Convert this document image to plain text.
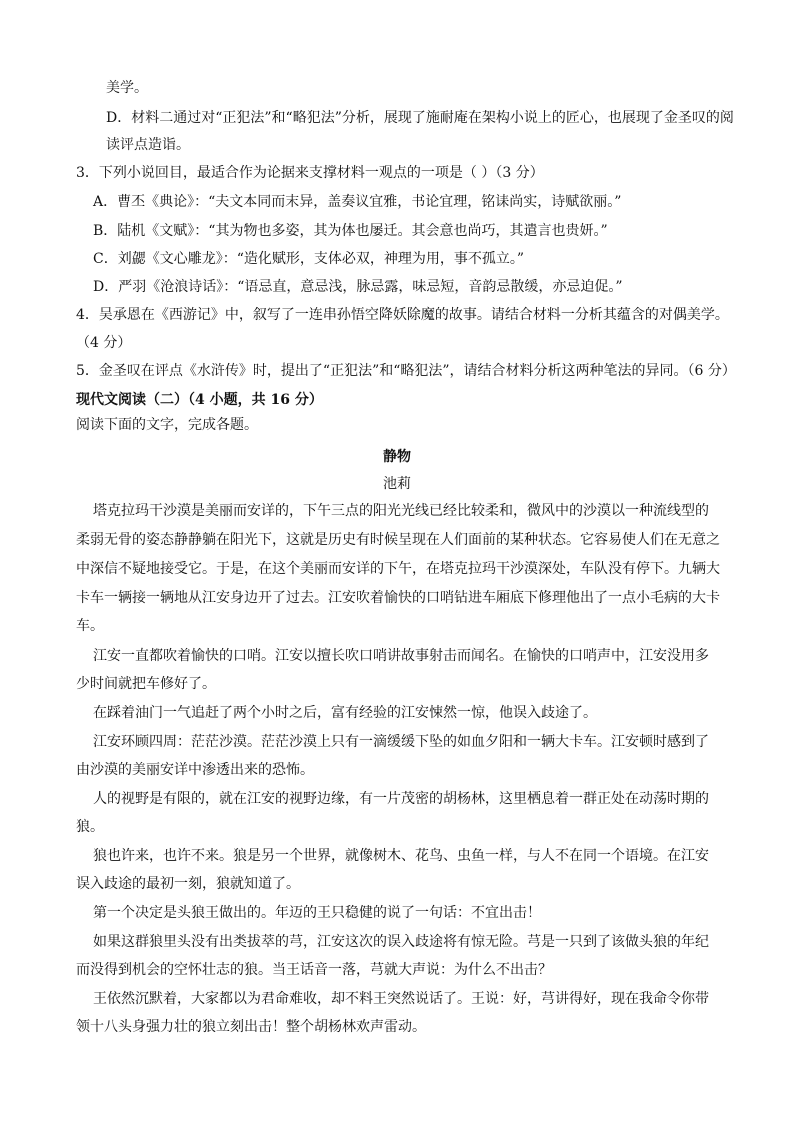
美学。
D．材料二通过对“正犯法”和“略犯法”分析，展现了施耐庵在架构小说上的匠心，也展现了金圣叹的阅
读评点造诣。
3．下列小说回目，最适合作为论据来支撑材料一观点的一项是（ ）（3 分）
A．曹丕《典论》：“夫文本同而末异，盖奏议宜雅，书论宜理，铭诔尚实，诗赋欲丽。”
B．陆机《文赋》：“其为物也多姿，其为体也屡迁。其会意也尚巧，其遣言也贵妍。”
C．刘勰《文心雕龙》：“造化赋形，支体必双，神理为用，事不孤立。”
D．严羽《沧浪诗话》：“语忌直，意忌浅，脉忌露，味忌短，音韵忌散缓，亦忌迫促。”
4．吴承恩在《西游记》中，叙写了一连串孙悟空降妖除魔的故事。请结合材料一分析其蕴含的对偶美学。
（4 分）
5．金圣叹在评点《水浒传》时，提出了“正犯法”和“略犯法”，请结合材料分析这两种笔法的异同。（6 分）
现代文阅读（二）（4 小题，共 16 分）
阅读下面的文字，完成各题。
静物
池莉
塔克拉玛干沙漠是美丽而安详的，下午三点的阳光光线已经比较柔和，微风中的沙漠以一种流线型的
柔弱无骨的姿态静静躺在阳光下，这就是历史有时候呈现在人们面前的某种状态。它容易使人们在无意之
中深信不疑地接受它。于是，在这个美丽而安详的下午，在塔克拉玛干沙漠深处，车队没有停下。九辆大
卡车一辆接一辆地从江安身边开了过去。江安吹着愉快的口哨钻进车厢底下修理他出了一点小毛病的大卡
车。
江安一直都吹着愉快的口哨。江安以擅长吹口哨讲故事射击而闻名。在愉快的口哨声中，江安没用多
少时间就把车修好了。
在踩着油门一气追赶了两个小时之后，富有经验的江安悚然一惊，他误入歧途了。
江安环顾四周：茫茫沙漠。茫茫沙漠上只有一滴缓缓下坠的如血夕阳和一辆大卡车。江安顿时感到了
由沙漠的美丽安详中渗透出来的恐怖。
人的视野是有限的，就在江安的视野边缘，有一片茂密的胡杨林，这里栖息着一群正处在动荡时期的
狼。
狼也许来，也许不来。狼是另一个世界，就像树木、花鸟、虫鱼一样，与人不在同一个语境。在江安
误入歧途的最初一刻，狼就知道了。
第一个决定是头狼王做出的。年迈的王只稳健的说了一句话：不宜出击！
如果这群狼里头没有出类拔萃的芎，江安这次的误入歧途将有惊无险。芎是一只到了该做头狼的年纪
而没得到机会的空怀壮志的狼。当王话音一落，芎就大声说：为什么不出击？
王依然沉默着，大家都以为君命难收，却不料王突然说话了。王说：好，芎讲得好，现在我命令你带
领十八头身强力壮的狼立刻出击！整个胡杨林欢声雷动。
